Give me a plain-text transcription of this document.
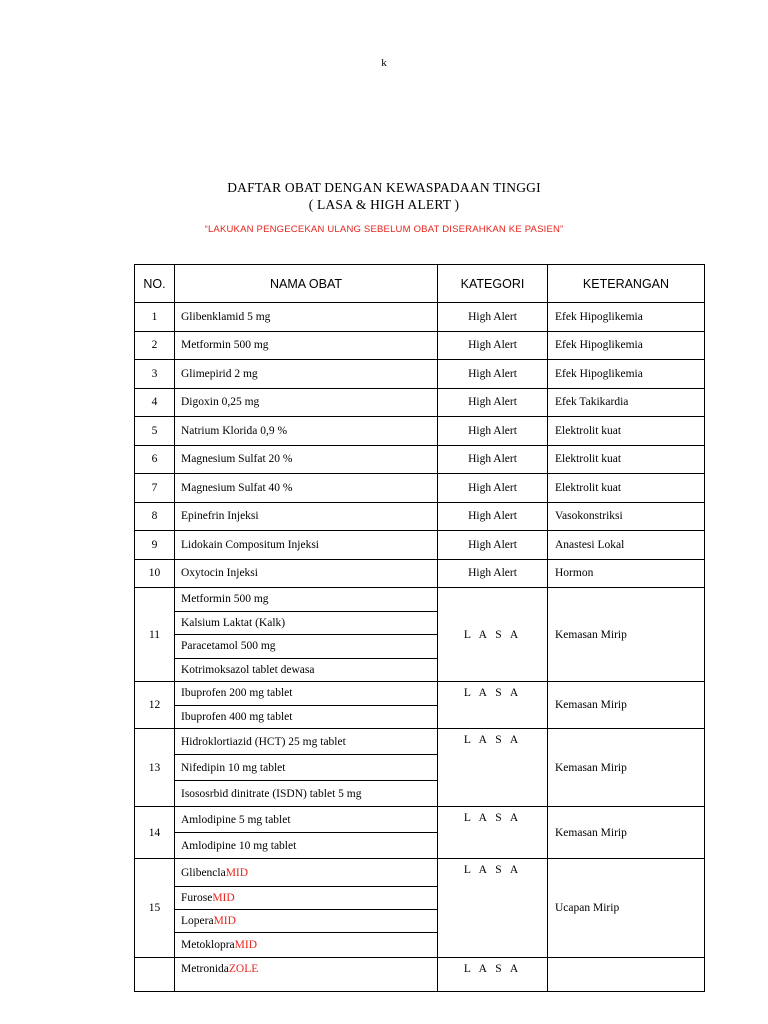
k
DAFTAR OBAT DENGAN KEWASPADAAN TINGGI
( LASA & HIGH ALERT )
“LAKUKAN PENGECEKAN ULANG SEBELUM OBAT DISERAHKAN KE PASIEN”
NO.	NAMA OBAT	KATEGORI	KETERANGAN
1	Glibenklamid 5 mg	High Alert	Efek Hipoglikemia
2	Metformin 500 mg	High Alert	Efek Hipoglikemia
3	Glimepirid 2 mg	High Alert	Efek Hipoglikemia
4	Digoxin 0,25 mg	High Alert	Efek Takikardia
5	Natrium Klorida 0,9 %	High Alert	Elektrolit kuat
6	Magnesium Sulfat 20 %	High Alert	Elektrolit kuat
7	Magnesium Sulfat 40 %	High Alert	Elektrolit kuat
8	Epinefrin Injeksi	High Alert	Vasokonstriksi
9	Lidokain Compositum Injeksi	High Alert	Anastesi Lokal
10	Oxytocin Injeksi	High Alert	Hormon
11	Metformin 500 mg	L A S A	Kemasan Mirip
	Kalsium Laktat (Kalk)		
	Paracetamol 500 mg		
	Kotrimoksazol tablet dewasa		
12	Ibuprofen 200 mg tablet	L A S A	Kemasan Mirip
	Ibuprofen 400 mg tablet		
13	Hidroklortiazid (HCT) 25 mg tablet	L A S A	Kemasan Mirip
	Nifedipin 10 mg tablet		
	Isososrbid dinitrate (ISDN) tablet 5 mg		
14	Amlodipine 5 mg tablet	L A S A	Kemasan Mirip
	Amlodipine 10 mg tablet		
15	GlibenclaMID	L A S A	Ucapan Mirip
	FuroseMID		
	LoperaMID		
	MetoklopraMID		
	MetronidaZOLE	L A S A	
